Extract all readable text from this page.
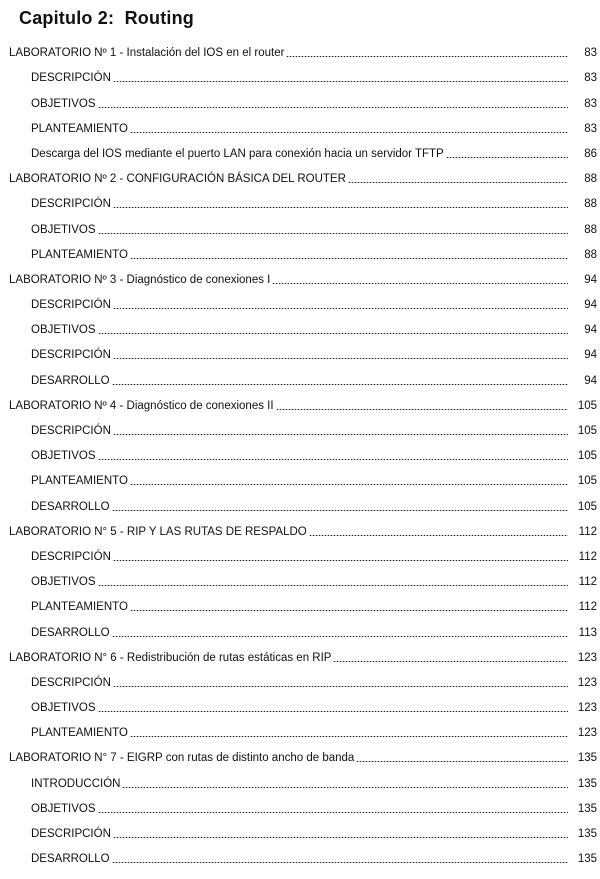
Capitulo 2:  Routing
LABORATORIO Nº 1 - Instalación del IOS en el router	83
DESCRIPCIÓN	83
OBJETIVOS	83
PLANTEAMIENTO	83
Descarga del IOS mediante el puerto LAN para conexión hacia un servidor TFTP	86
LABORATORIO Nº 2 - CONFIGURACIÓN BÁSICA DEL ROUTER	88
DESCRIPCIÓN	88
OBJETIVOS	88
PLANTEAMIENTO	88
LABORATORIO Nº 3 - Diagnóstico de conexiones I	94
DESCRIPCIÓN	94
OBJETIVOS	94
DESCRIPCIÓN	94
DESARROLLO	94
LABORATORIO Nº 4 - Diagnóstico de conexiones II	105
DESCRIPCIÓN	105
OBJETIVOS	105
PLANTEAMIENTO	105
DESARROLLO	105
LABORATORIO N° 5 - RIP Y LAS RUTAS DE RESPALDO	112
DESCRIPCIÓN	112
OBJETIVOS	112
PLANTEAMIENTO	112
DESARROLLO	113
LABORATORIO N° 6 - Redistribución de rutas estáticas en RIP	123
DESCRIPCIÓN	123
OBJETIVOS	123
PLANTEAMIENTO	123
LABORATORIO N° 7 - EIGRP con rutas de distinto ancho de banda	135
INTRODUCCIÓN	135
OBJETIVOS	135
DESCRIPCIÓN	135
DESARROLLO	135
